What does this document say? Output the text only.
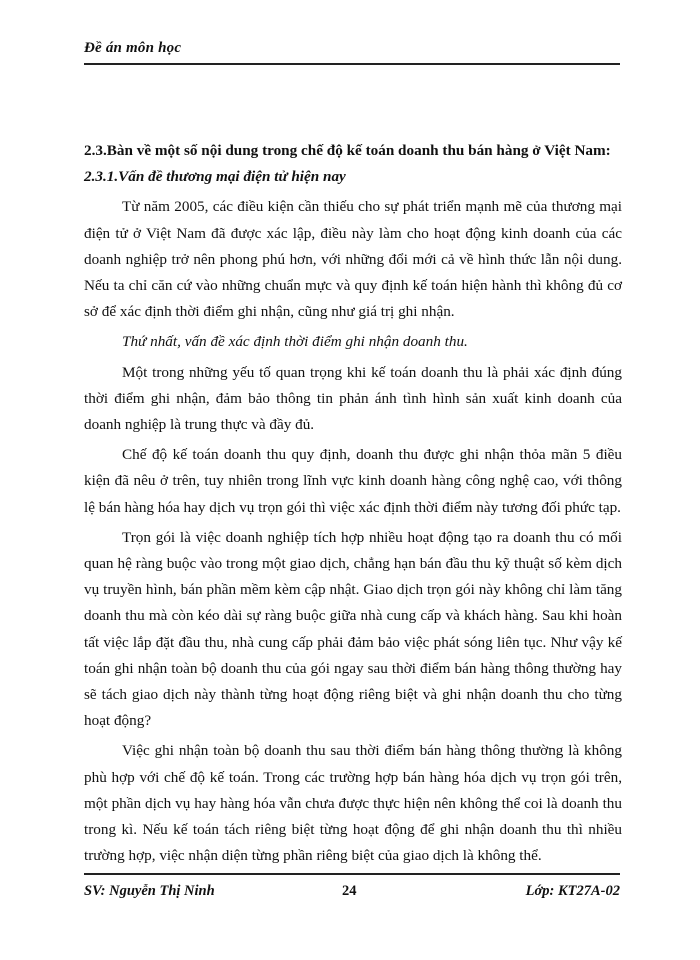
Đề án môn học

2.3.Bàn về một số nội dung trong chế độ kế toán doanh thu bán hàng ở Việt Nam:

2.3.1.Vấn đề thương mại điện tử hiện nay

Từ năm 2005, các điều kiện cần thiếu cho sự phát triển mạnh mẽ của thương mại điện tử ở Việt Nam đã được xác lập, điều này làm cho hoạt động kinh doanh của các doanh nghiệp trở nên phong phú hơn, với những đổi mới cả về hình thức lẫn nội dung. Nếu ta chỉ căn cứ vào những chuẩn mực và quy định kế toán hiện hành thì không đủ cơ sở để xác định thời điểm ghi nhận, cũng như giá trị ghi nhận.

Thứ nhất, vấn đề xác định thời điểm ghi nhận doanh thu.

Một trong những yếu tố quan trọng khi kế toán doanh thu là phải xác định đúng thời điểm ghi nhận, đảm bảo thông tin phản ánh tình hình sản xuất kinh doanh của doanh nghiệp là trung thực và đầy đủ.

Chế độ kế toán doanh thu quy định, doanh thu được ghi nhận thỏa mãn 5 điều kiện đã nêu ở trên, tuy nhiên trong lĩnh vực kinh doanh hàng công nghệ cao, với thông lệ bán hàng hóa hay dịch vụ trọn gói thì việc xác định thời điểm này tương đối phức tạp.

Trọn gói là việc doanh nghiệp tích hợp nhiều hoạt động tạo ra doanh thu có mối quan hệ ràng buộc vào trong một giao dịch, chẳng hạn bán đầu thu kỹ thuật số kèm dịch vụ truyền hình, bán phần mềm kèm cập nhật. Giao dịch trọn gói này không chỉ làm tăng doanh thu mà còn kéo dài sự ràng buộc giữa nhà cung cấp và khách hàng. Sau khi hoàn tất việc lắp đặt đầu thu, nhà cung cấp phải đảm bảo việc phát sóng liên tục. Như vậy kế toán ghi nhận toàn bộ doanh thu của gói ngay sau thời điểm bán hàng thông thường hay sẽ tách giao dịch này thành từng hoạt động riêng biệt và ghi nhận doanh thu cho từng hoạt động?

Việc ghi nhận toàn bộ doanh thu sau thời điểm bán hàng thông thường là không phù hợp với chế độ kế toán. Trong các trường hợp bán hàng hóa dịch vụ trọn gói trên, một phần dịch vụ hay hàng hóa vẫn chưa được thực hiện nên không thể coi là doanh thu trong kì. Nếu kế toán tách riêng biệt từng hoạt động để ghi nhận doanh thu thì nhiều trường hợp, việc nhận diện từng phần riêng biệt của giao dịch là không thể.

SV: Nguyễn Thị Ninh	24	Lớp: KT27A-02
